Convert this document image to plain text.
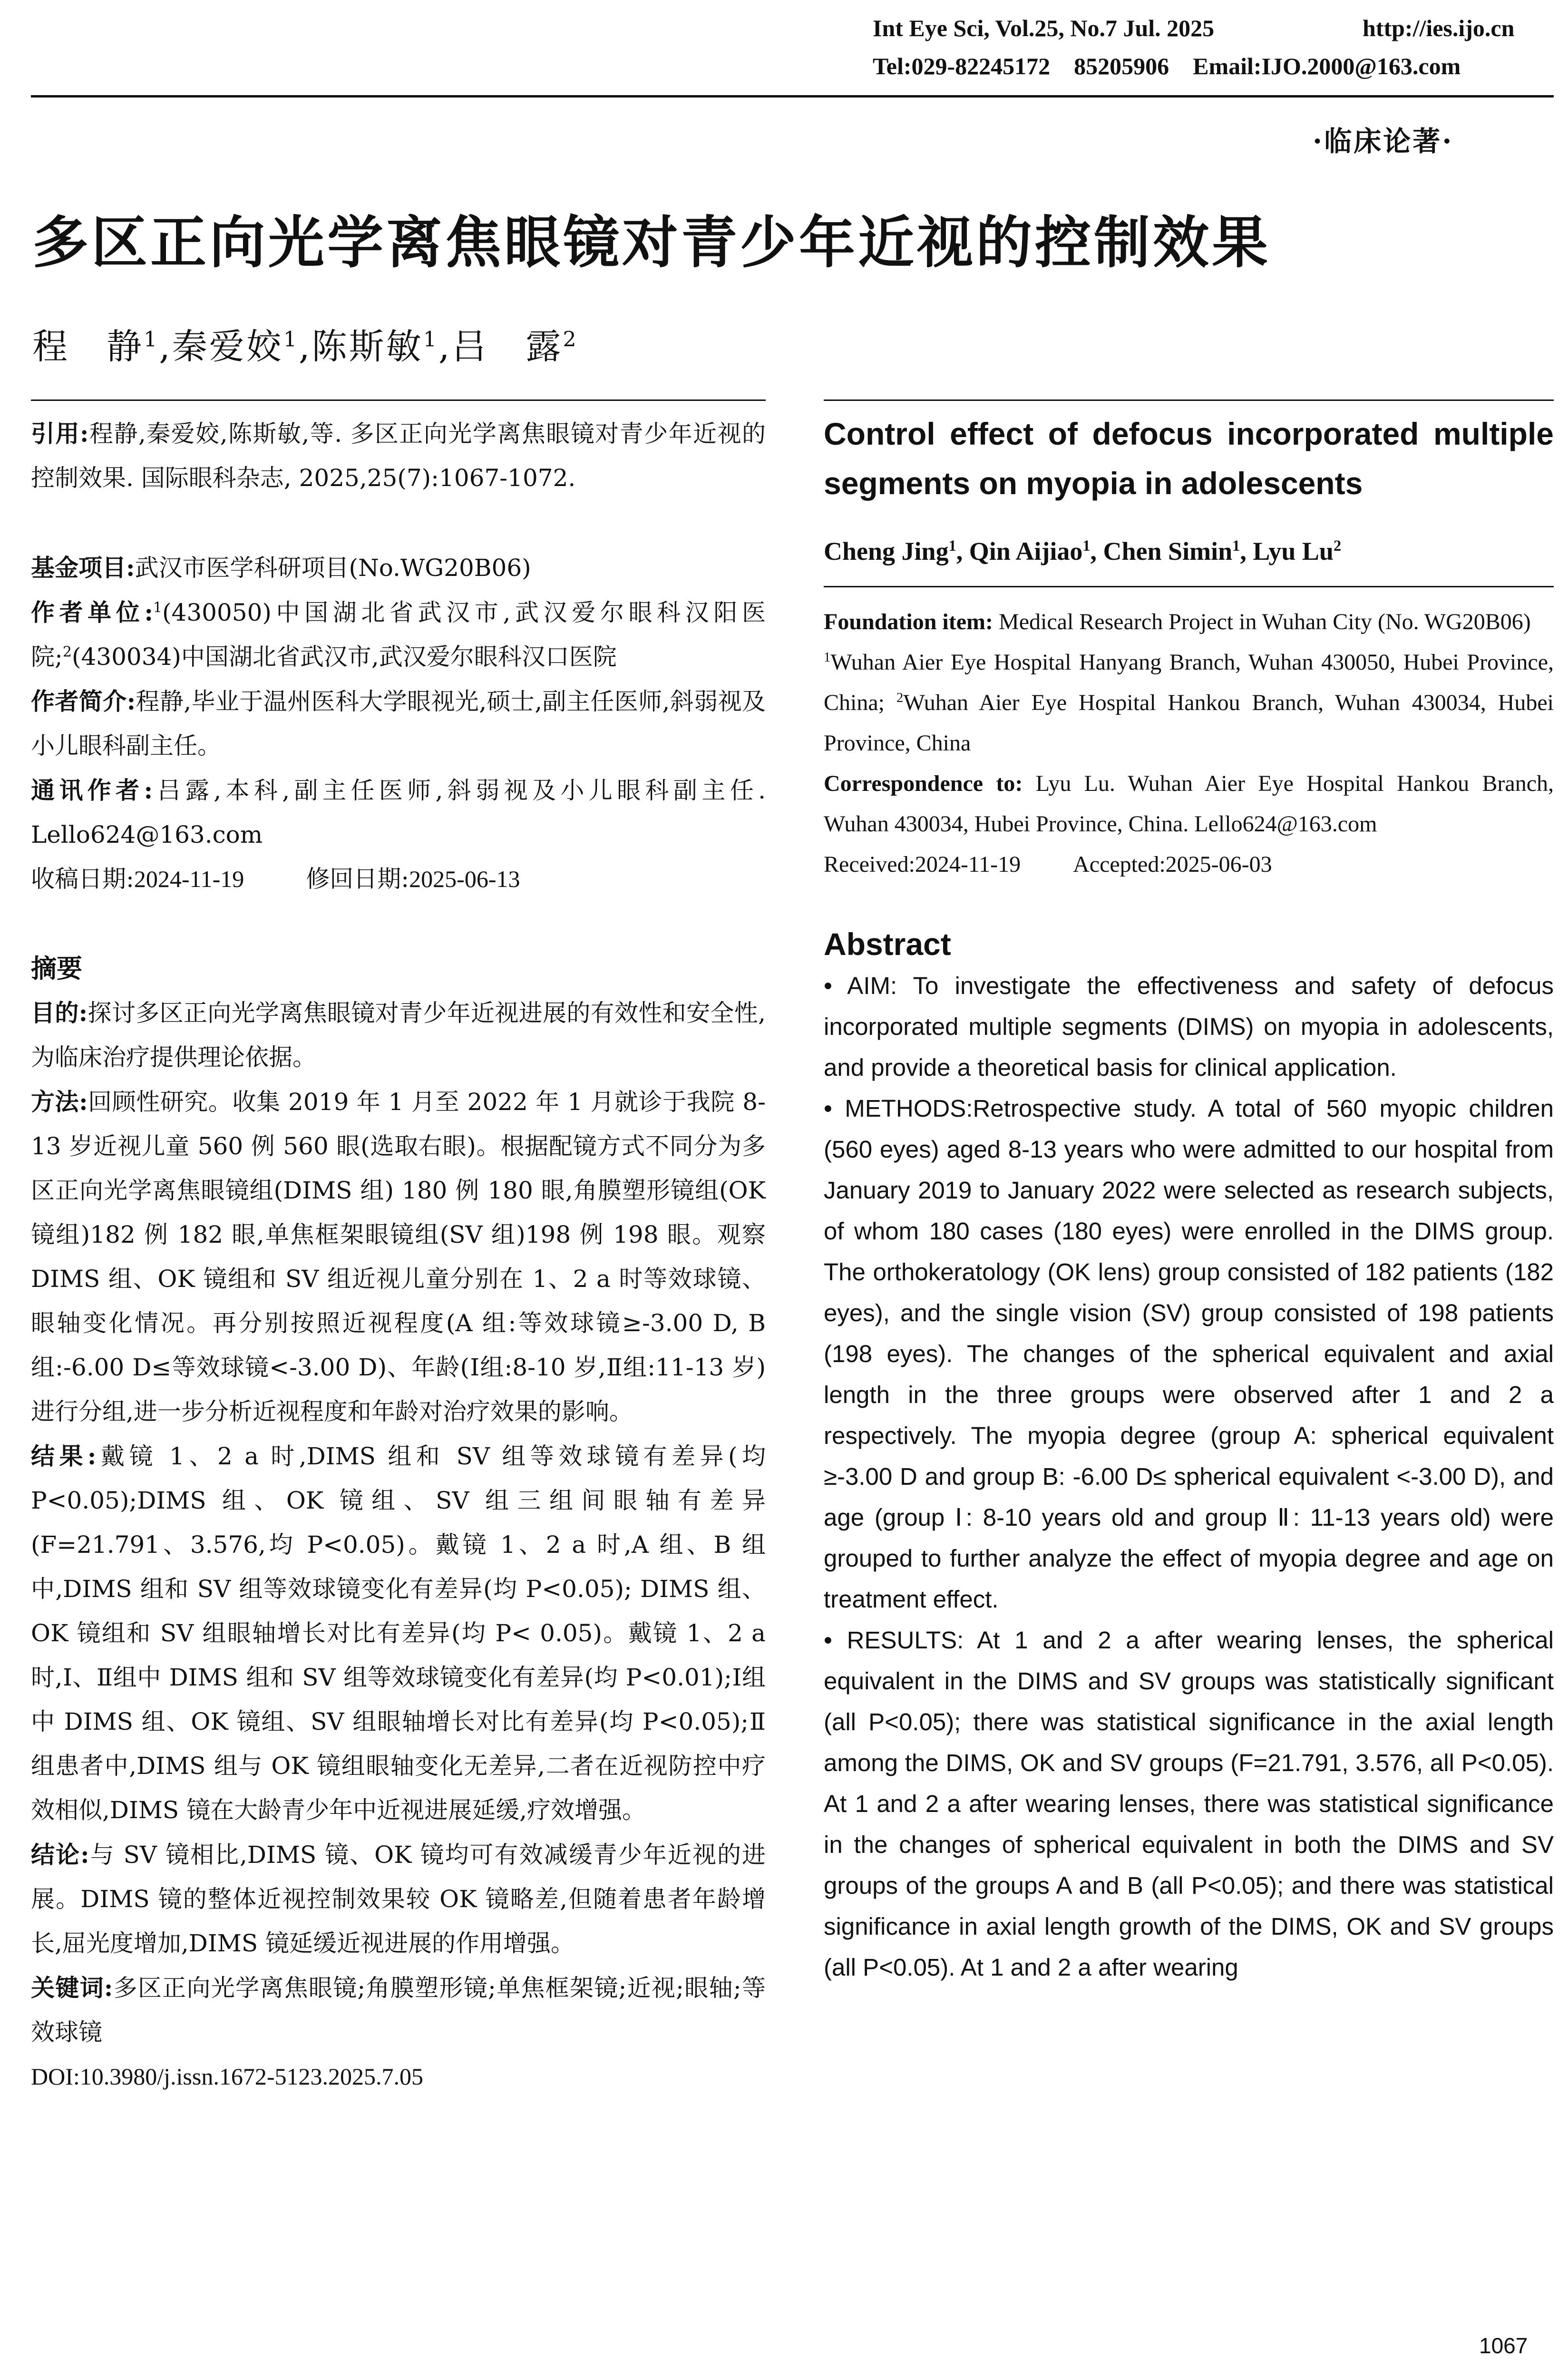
Int Eye Sci, Vol.25, No.7 Jul. 2025	http://ies.ijo.cn
Tel:029-82245172    85205906    Email:IJO.2000@163.com
·临床论著·
多区正向光学离焦眼镜对青少年近视的控制效果
程　静$^1$,秦爱姣$^1$,陈斯敏$^1$,吕　露$^2$

引用:程静,秦爱姣,陈斯敏,等. 多区正向光学离焦眼镜对青少年近视的控制效果. 国际眼科杂志, 2025,25(7):1067-1072.

基金项目:武汉市医学科研项目(No.WG20B06)

作者单位:$^1$(430050)中国湖北省武汉市,武汉爱尔眼科汉阳医院;$^2$(430034)中国湖北省武汉市,武汉爱尔眼科汉口医院

作者简介:程静,毕业于温州医科大学眼视光,硕士,副主任医师,斜弱视及小儿眼科副主任。

通讯作者:吕露,本科,副主任医师,斜弱视及小儿眼科副主任. Lello624@163.com

收稿日期:2024-11-19	修回日期:2025-06-13

摘要

目的:探讨多区正向光学离焦眼镜对青少年近视进展的有效性和安全性,为临床治疗提供理论依据。

方法:回顾性研究。收集 2019 年 1 月至 2022 年 1 月就诊于我院 8-13 岁近视儿童 560 例 560 眼(选取右眼)。根据配镜方式不同分为多区正向光学离焦眼镜组(DIMS 组) 180 例 180 眼,角膜塑形镜组(OK 镜组)182 例 182 眼,单焦框架眼镜组(SV 组)198 例 198 眼。观察 DIMS 组、OK 镜组和 SV 组近视儿童分别在 1、2 a 时等效球镜、眼轴变化情况。再分别按照近视程度(A 组:等效球镜≥-3.00 D, B 组:-6.00 D≤等效球镜<-3.00 D)、年龄(Ⅰ组:8-10 岁,Ⅱ组:11-13 岁)进行分组,进一步分析近视程度和年龄对治疗效果的影响。

结果:戴镜 1、2 a 时,DIMS 组和 SV 组等效球镜有差异(均 P<0.05);DIMS 组、OK 镜组、SV 组三组间眼轴有差异(F=21.791、3.576,均 P<0.05)。戴镜 1、2 a 时,A 组、B 组中,DIMS 组和 SV 组等效球镜变化有差异(均 P<0.05); DIMS 组、OK 镜组和 SV 组眼轴增长对比有差异(均 P< 0.05)。戴镜 1、2 a 时,Ⅰ、Ⅱ组中 DIMS 组和 SV 组等效球镜变化有差异(均 P<0.01);Ⅰ组中 DIMS 组、OK 镜组、SV 组眼轴增长对比有差异(均 P<0.05);Ⅱ组患者中,DIMS 组与 OK 镜组眼轴变化无差异,二者在近视防控中疗效相似,DIMS 镜在大龄青少年中近视进展延缓,疗效增强。

结论:与 SV 镜相比,DIMS 镜、OK 镜均可有效减缓青少年近视的进展。DIMS 镜的整体近视控制效果较 OK 镜略差,但随着患者年龄增长,屈光度增加,DIMS 镜延缓近视进展的作用增强。

关键词:多区正向光学离焦眼镜;角膜塑形镜;单焦框架镜;近视;眼轴;等效球镜

DOI:10.3980/j.issn.1672-5123.2025.7.05

Control effect of defocus incorporated multiple segments on myopia in adolescents
Cheng Jing$^1$, Qin Aijiao$^1$, Chen Simin$^1$, Lyu Lu$^2$
Foundation item: Medical Research Project in Wuhan City (No. WG20B06)
$^1$Wuhan Aier Eye Hospital Hanyang Branch, Wuhan 430050, Hubei Province, China; $^2$Wuhan Aier Eye Hospital Hankou Branch, Wuhan 430034, Hubei Province, China
Correspondence to: Lyu Lu. Wuhan Aier Eye Hospital Hankou Branch, Wuhan 430034, Hubei Province, China. Lello624@163.com
Received:2024-11-19 Accepted:2025-06-03
Abstract
• AIM: To investigate the effectiveness and safety of defocus incorporated multiple segments (DIMS) on myopia in adolescents, and provide a theoretical basis for clinical application.
• METHODS:Retrospective study. A total of 560 myopic children (560 eyes) aged 8-13 years who were admitted to our hospital from January 2019 to January 2022 were selected as research subjects, of whom 180 cases (180 eyes) were enrolled in the DIMS group. The orthokeratology (OK lens) group consisted of 182 patients (182 eyes), and the single vision (SV) group consisted of 198 patients (198 eyes). The changes of the spherical equivalent and axial length in the three groups were observed after 1 and 2 a respectively. The myopia degree (group A: spherical equivalent ≥-3.00 D and group B: -6.00 D≤ spherical equivalent <-3.00 D), and age (group Ⅰ: 8-10 years old and group Ⅱ: 11-13 years old) were grouped to further analyze the effect of myopia degree and age on treatment effect.
• RESULTS: At 1 and 2 a after wearing lenses, the spherical equivalent in the DIMS and SV groups was statistically significant (all P<0.05); there was statistical significance in the axial length among the DIMS, OK and SV groups (F=21.791, 3.576, all P<0.05). At 1 and 2 a after wearing lenses, there was statistical significance in the changes of spherical equivalent in both the DIMS and SV groups of the groups A and B (all P<0.05); and there was statistical significance in axial length growth of the DIMS, OK and SV groups (all P<0.05). At 1 and 2 a after wearing
1067
